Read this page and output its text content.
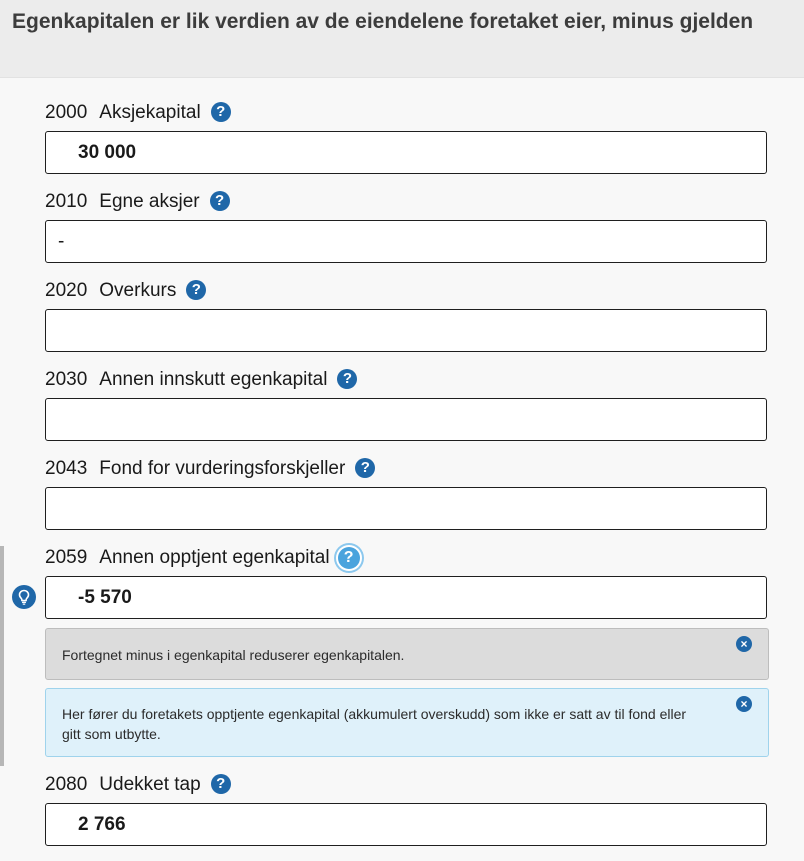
Egenkapitalen er lik verdien av de eiendelene foretaket eier, minus gjelden
2000 Aksjekapital ?
30 000
2010 Egne aksjer ?
-
2020 Overkurs ?
2030 Annen innskutt egenkapital ?
2043 Fond for vurderingsforskjeller ?
2059 Annen opptjent egenkapital ?
-5 570
Fortegnet minus i egenkapital reduserer egenkapitalen.
×
Her fører du foretakets opptjente egenkapital (akkumulert overskudd) som ikke er satt av til fond eller gitt som utbytte.
×
2080 Udekket tap ?
2 766
